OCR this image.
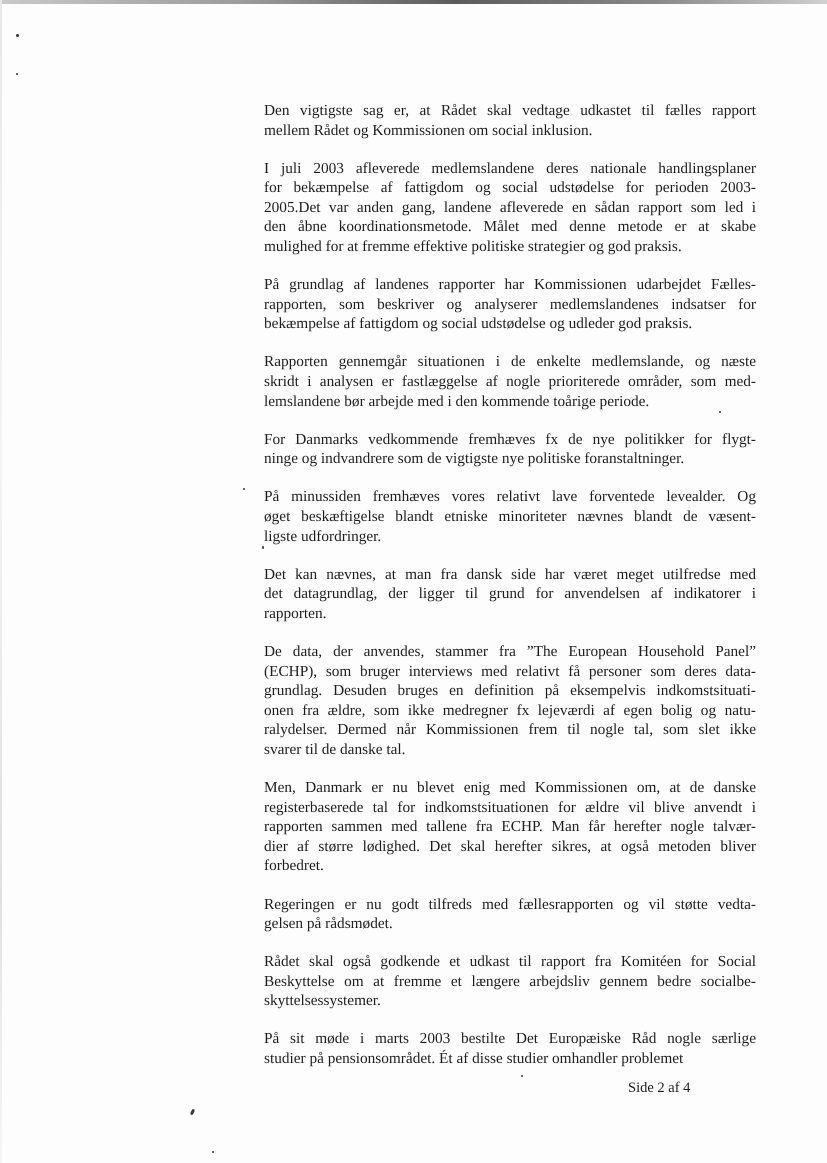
Den vigtigste sag er, at Rådet skal vedtage udkastet til fælles rapport
mellem Rådet og Kommissionen om social inklusion.
I juli 2003 afleverede medlemslandene deres nationale handlingsplaner
for bekæmpelse af fattigdom og social udstødelse for perioden 2003-
2005.Det var anden gang, landene afleverede en sådan rapport som led i
den åbne koordinationsmetode. Målet med denne metode er at skabe
mulighed for at fremme effektive politiske strategier og god praksis.
På grundlag af landenes rapporter har Kommissionen udarbejdet Fælles-
rapporten, som beskriver og analyserer medlemslandenes indsatser for
bekæmpelse af fattigdom og social udstødelse og udleder god praksis.
Rapporten gennemgår situationen i de enkelte medlemslande, og næste
skridt i analysen er fastlæggelse af nogle prioriterede områder, som med-
lemslandene bør arbejde med i den kommende toårige periode.
For Danmarks vedkommende fremhæves fx de nye politikker for flygt-
ninge og indvandrere som de vigtigste nye politiske foranstaltninger.
På minussiden fremhæves vores relativt lave forventede levealder. Og
øget beskæftigelse blandt etniske minoriteter nævnes blandt de væsent-
ligste udfordringer.
Det kan nævnes, at man fra dansk side har været meget utilfredse med
det datagrundlag, der ligger til grund for anvendelsen af indikatorer i
rapporten.
De data, der anvendes, stammer fra ”The European Household Panel”
(ECHP), som bruger interviews med relativt få personer som deres data-
grundlag. Desuden bruges en definition på eksempelvis indkomstsituati-
onen fra ældre, som ikke medregner fx lejeværdi af egen bolig og natu-
ralydelser. Dermed når Kommissionen frem til nogle tal, som slet ikke
svarer til de danske tal.
Men, Danmark er nu blevet enig med Kommissionen om, at de danske
registerbaserede tal for indkomstsituationen for ældre vil blive anvendt i
rapporten sammen med tallene fra ECHP. Man får herefter nogle talvær-
dier af større lødighed. Det skal herefter sikres, at også metoden bliver
forbedret.
Regeringen er nu godt tilfreds med fællesrapporten og vil støtte vedta-
gelsen på rådsmødet.
Rådet skal også godkende et udkast til rapport fra Komitéen for Social
Beskyttelse om at fremme et længere arbejdsliv gennem bedre socialbe-
skyttelsessystemer.
På sit møde i marts 2003 bestilte Det Europæiske Råd nogle særlige
studier på pensionsområdet. Ét af disse studier omhandler problemet
Side 2 af 4
